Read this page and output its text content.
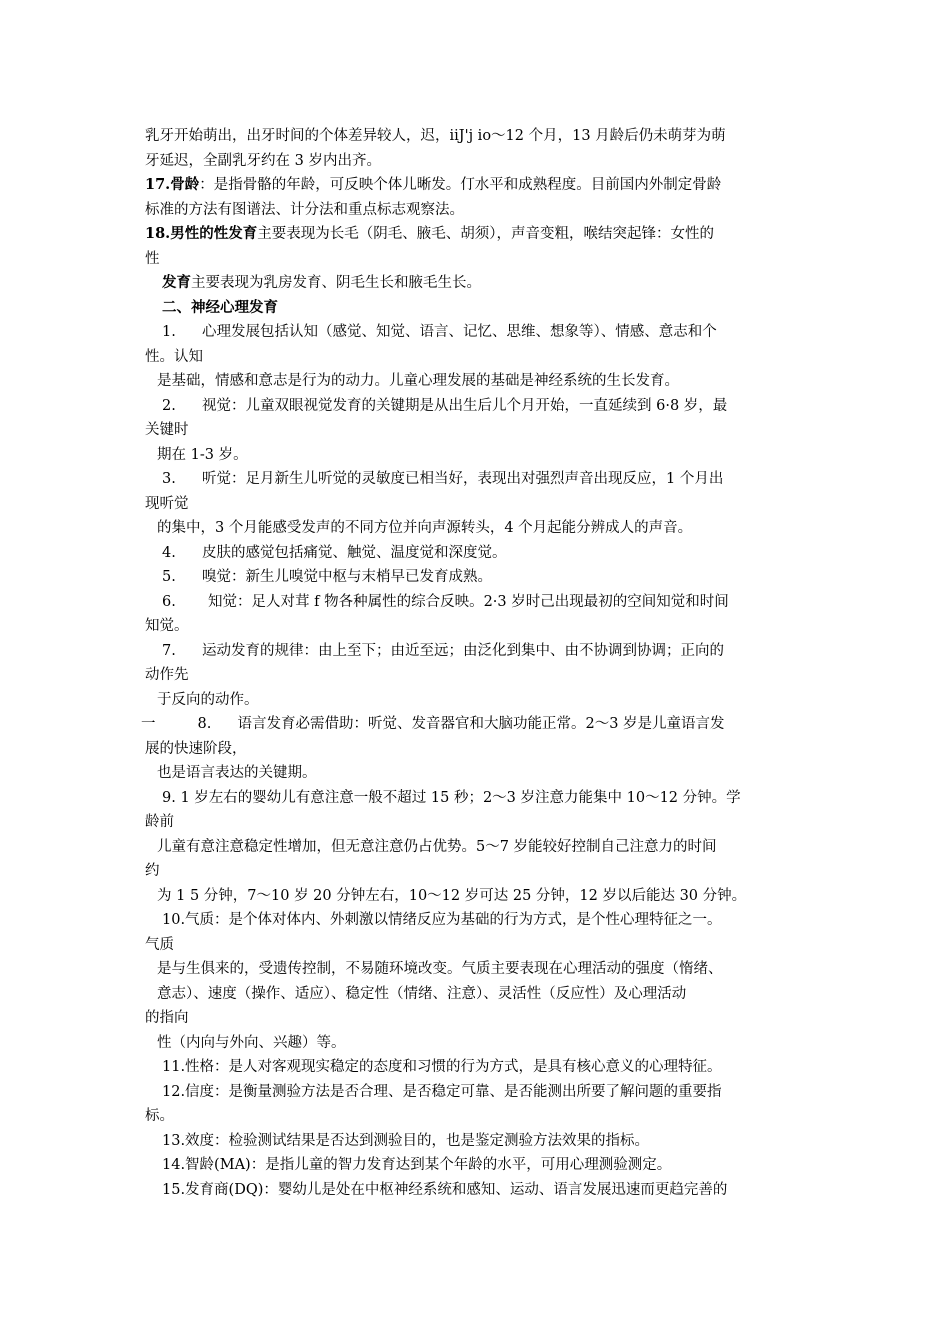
乳牙开始萌出，出牙时间的个体差异较人，迟，iiJ'j io～12 个月，13 月龄后仍未萌芽为萌
牙延迟，全副乳牙约在 3 岁内出齐。
17.骨龄：是指骨骼的年龄，可反映个体儿晰发。仃水平和成熟程度。目前国内外制定骨龄
标准的方法有图谱法、计分法和重点标志观察法。
18.男性的性发育主要表现为长毛（阴毛、腋毛、胡须），声音变粗，喉结突起锋：女性的
性
发育主要表现为乳房发育、阴毛生长和腋毛生长。
二、神经心理发育
1. 心理发展包括认知（感觉、知觉、语言、记忆、思维、想象等）、情感、意志和个
性。认知
是基础，情感和意志是行为的动力。儿童心理发展的基础是神经系统的生长发育。
2. 视觉：儿童双眼视觉发育的关键期是从出生后儿个月开始，一直延续到 6·8 岁，最
关键时
期在 1-3 岁。
3. 听觉：足月新生儿听觉的灵敏度已相当好，表现出对强烈声音出现反应，1 个月出
现听觉
的集中，3 个月能感受发声的不同方位并向声源转头，4 个月起能分辨成人的声音。
4. 皮肤的感觉包括痛觉、触觉、温度觉和深度觉。
5. 嗅觉：新生儿嗅觉中枢与末梢早已发育成熟。
6. 知觉：足人对茸 f 物各种属性的综合反映。2·3 岁时己出现最初的空间知觉和时间
知觉。
7. 运动发育的规律：由上至下；由近至远；由泛化到集中、由不协调到协调；正向的
动作先
于反向的动作。
一	8. 语言发育必需借助：听觉、发音器官和大脑功能正常。2～3 岁是儿童语言发
展的快速阶段，
也是语言表达的关键期。
9. 1 岁左右的婴幼儿有意注意一般不超过 15 秒；2～3 岁注意力能集中 10～12 分钟。学
龄前
儿童有意注意稳定性增加，但无意注意仍占优势。5～7 岁能较好控制自己注意力的时间
约
为 1 5 分钟，7～10 岁 20 分钟左右，10～12 岁可达 25 分钟，12 岁以后能达 30 分钟。
10.气质：是个体对体内、外刺激以情绪反应为基础的行为方式，是个性心理特征之一。
气质
是与生俱来的，受遗传控制，不易随环境改变。气质主要表现在心理活动的强度（惰绪、
意志）、速度（操作、适应）、稳定性（情绪、注意）、灵活性（反应性）及心理活动
的指向
性（内向与外向、兴趣）等。
11.性格：是人对客观现实稳定的态度和习惯的行为方式，是具有核心意义的心理特征。
12.信度：是衡量测验方法是否合理、是否稳定可靠、是否能测出所要了解问题的重要指
标。
13.效度：检验测试结果是否达到测验目的，也是鉴定测验方法效果的指标。
14.智龄(MA)：是指儿童的智力发育达到某个年龄的水平，可用心理测验测定。
15.发育商(DQ)：婴幼儿是处在中枢神经系统和感知、运动、语言发展迅速而更趋完善的
